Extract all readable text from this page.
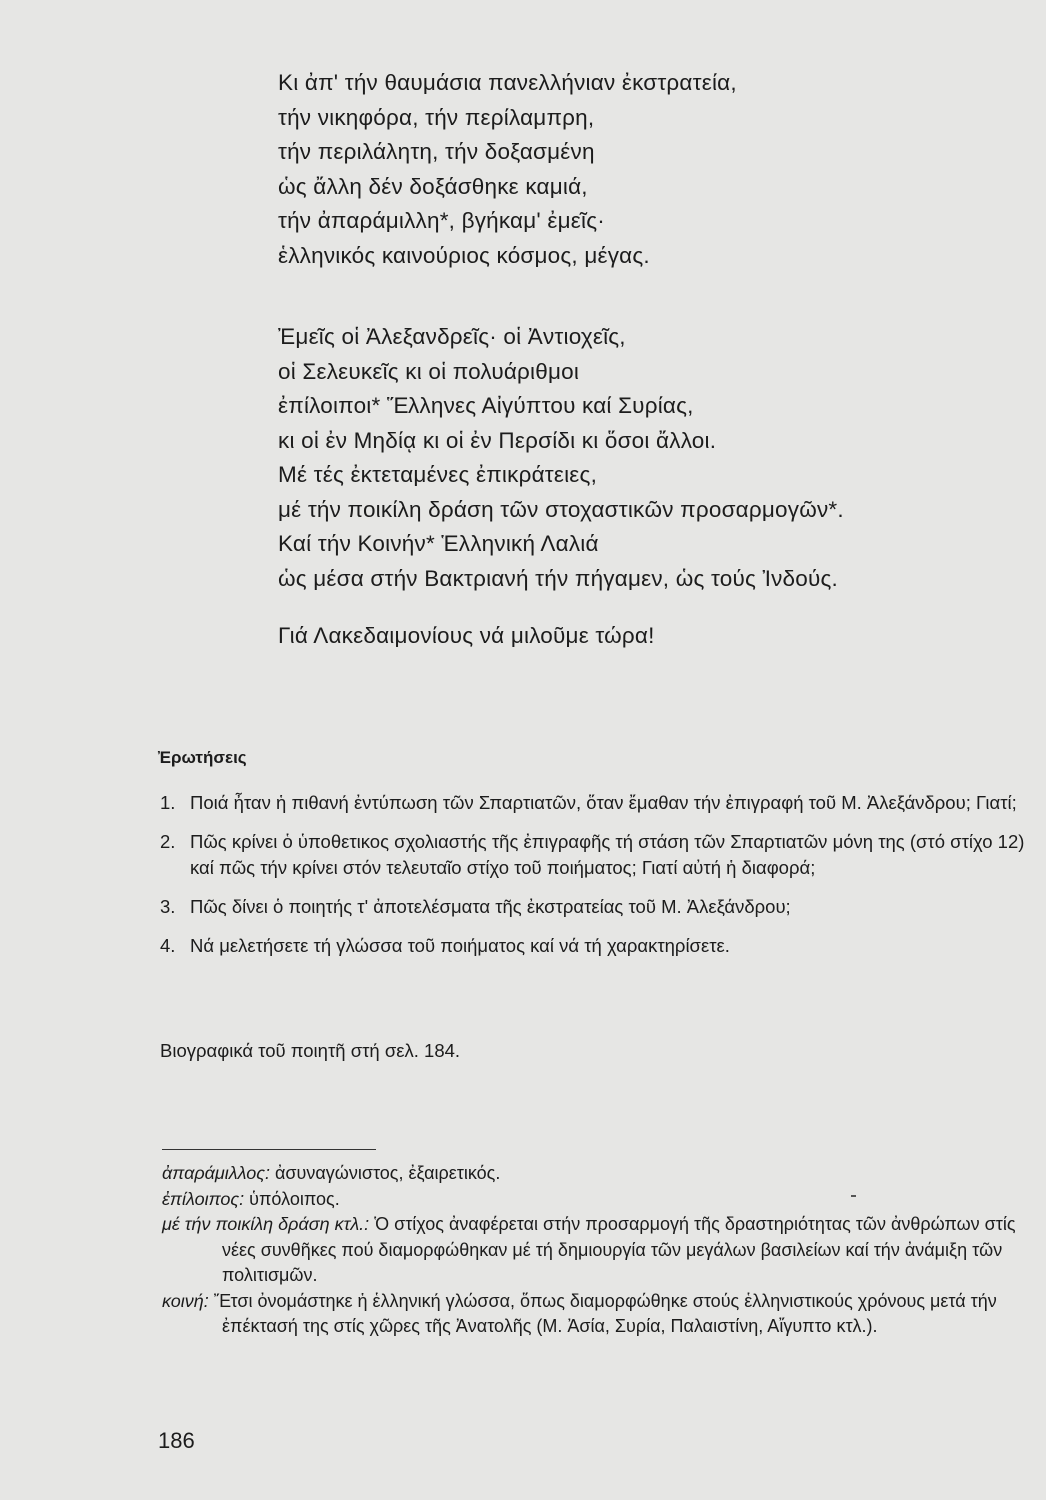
Κι ἀπ' τήν θαυμάσια πανελλήνιαν ἐκστρατεία,
τήν νικηφόρα, τήν περίλαμπρη,
τήν περιλάλητη, τήν δοξασμένη
ὡς ἄλλη δέν δοξάσθηκε καμιά,
τήν ἀπαράμιλλη*, βγήκαμ' ἐμεῖς·
ἑλληνικός καινούριος κόσμος, μέγας.
Ἐμεῖς οἱ Ἀλεξανδρεῖς· οἱ Ἀντιοχεῖς,
οἱ Σελευκεῖς κι οἱ πολυάριθμοι
ἐπίλοιποι* Ἕλληνες Αἰγύπτου καί Συρίας,
κι οἱ ἐν Μηδίᾳ κι οἱ ἐν Περσίδι κι ὅσοι ἄλλοι.
Μέ τές ἐκτεταμένες ἐπικράτειες,
μέ τήν ποικίλη δράση τῶν στοχαστικῶν προσαρμογῶν*.
Καί τήν Κοινήν* Ἑλληνική Λαλιά
ὡς μέσα στήν Βακτριανή τήν πήγαμεν, ὡς τούς Ἰνδούς.
Γιά Λακεδαιμονίους νά μιλοῦμε τώρα!
Ἐρωτήσεις
1. Ποιά ἦταν ἡ πιθανή ἐντύπωση τῶν Σπαρτιατῶν, ὅταν ἔμαθαν τήν ἐπιγραφή τοῦ Μ. Ἀλεξάνδρου; Γιατί;
2. Πῶς κρίνει ὁ ὑποθετικος σχολιαστής τῆς ἐπιγραφῆς τή στάση τῶν Σπαρτιατῶν μόνη της (στό στίχο 12) καί πῶς τήν κρίνει στόν τελευταῖο στίχο τοῦ ποιήματος; Γιατί αὐτή ἡ διαφορά;
3. Πῶς δίνει ὁ ποιητής τ' ἀποτελέσματα τῆς ἐκστρατείας τοῦ Μ. Ἀλεξάνδρου;
4. Νά μελετήσετε τή γλώσσα τοῦ ποιήματος καί νά τή χαρακτηρίσετε.
Βιογραφικά τοῦ ποιητῆ στή σελ. 184.
ἀπαράμιλλος: ἀσυναγώνιστος, ἐξαιρετικός.
ἐπίλοιπος: ὑπόλοιπος.
μέ τήν ποικίλη δράση κτλ.: Ὁ στίχος ἀναφέρεται στήν προσαρμογή τῆς δραστηριότητας τῶν ἀνθρώπων στίς νέες συνθῆκες πού διαμορφώθηκαν μέ τή δημιουργία τῶν μεγάλων βασιλείων καί τήν ἀνάμιξη τῶν πολιτισμῶν.
κοινή: Ἔτσι ὀνομάστηκε ἡ ἑλληνική γλώσσα, ὅπως διαμορφώθηκε στούς ἑλληνιστικούς χρόνους μετά τήν ἐπέκτασή της στίς χῶρες τῆς Ἀνατολῆς (Μ. Ἀσία, Συρία, Παλαιστίνη, Αἴγυπτο κτλ.).
186
